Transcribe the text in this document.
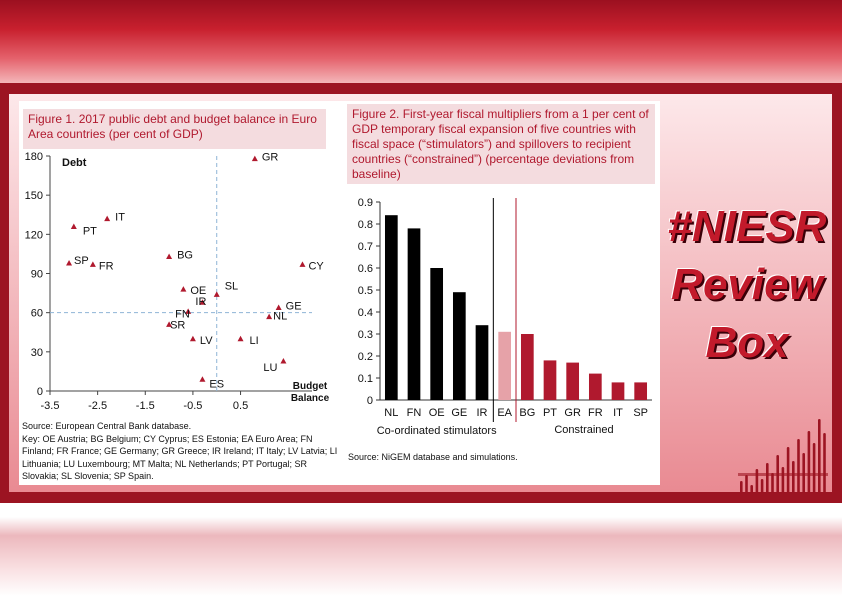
Figure 1. 2017 public debt and budget balance in Euro Area countries (per cent of GDP)
0
30
60
90
120
150
180
-3.5	-2.5	-1.5	-0.5	0.5
Debt
Budget Balance
GR
IT
PT
BG
SP FR	CY
OE SL
IR
FN
GE
NL
SR
LV	LI
LU
ES

Source: European Central Bank database.
Key: OE Austria; BG Belgium; CY Cyprus; ES Estonia; EA Euro Area; FN Finland; FR France; GE Germany; GR Greece; IR Ireland; IT Italy; LV Latvia; LI Lithuania; LU Luxembourg; MT Malta; NL Netherlands; PT Portugal; SR Slovakia; SL Slovenia; SP Spain.

Figure 2. First-year fiscal multipliers from a 1 per cent of GDP temporary fiscal expansion of five countries with fiscal space (“stimulators”) and spillovers to recipient countries (“constrained”) (percentage deviations from baseline)
0
0.1
0.2
0.3
0.4
0.5
0.6
0.7
0.8
0.9
NL FN OE GE IR EA BG PT GR FR IT SP
Co-ordinated stimulators	Constrained
Source: NiGEM database and simulations.
#NIESR
Review
Box
